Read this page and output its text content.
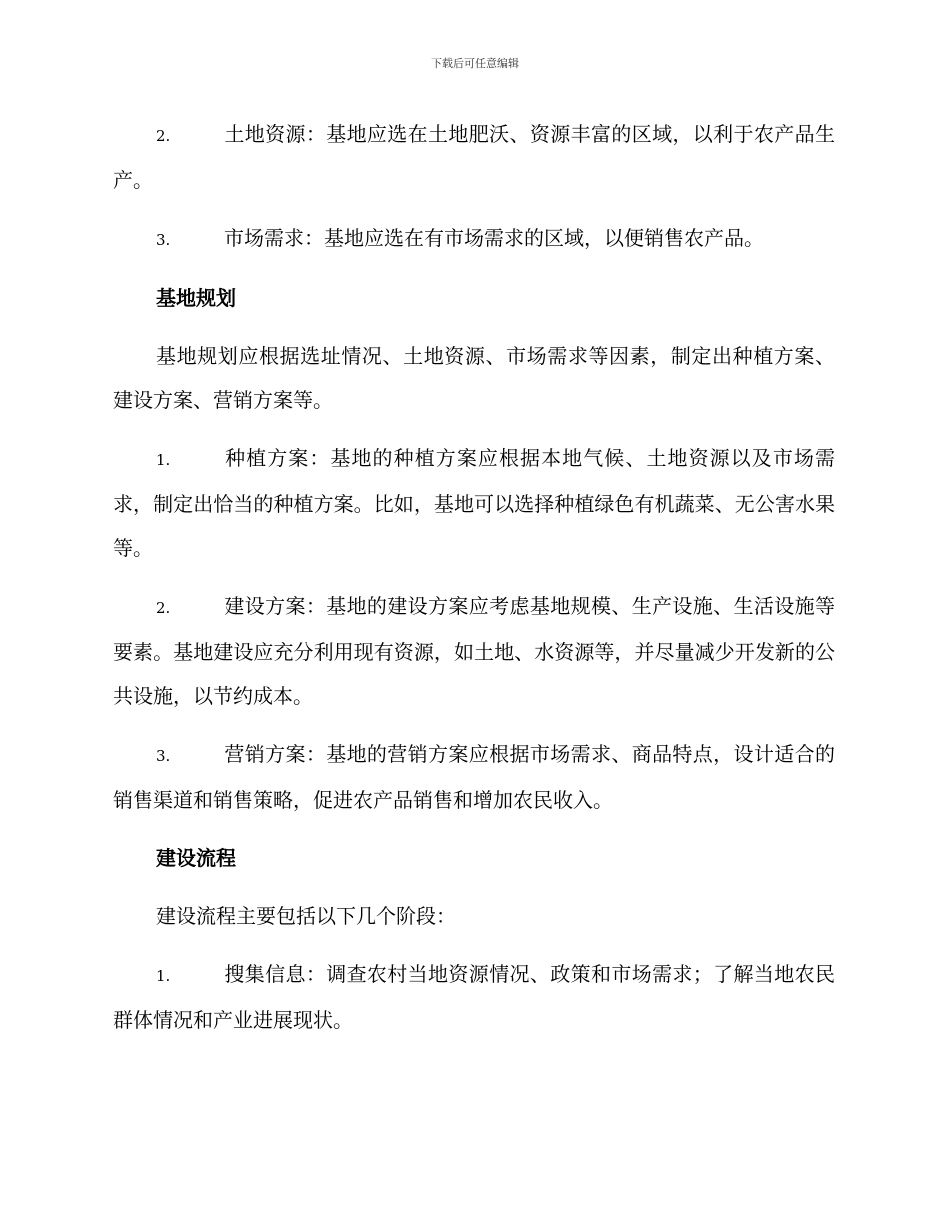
下载后可任意编辑
2.	土地资源：基地应选在土地肥沃、资源丰富的区域，以利于农产品生产。
3.	市场需求：基地应选在有市场需求的区域，以便销售农产品。
基地规划
基地规划应根据选址情况、土地资源、市场需求等因素，制定出种植方案、建设方案、营销方案等。
1.	种植方案：基地的种植方案应根据本地气候、土地资源以及市场需求，制定出恰当的种植方案。比如，基地可以选择种植绿色有机蔬菜、无公害水果等。
2.	建设方案：基地的建设方案应考虑基地规模、生产设施、生活设施等要素。基地建设应充分利用现有资源，如土地、水资源等，并尽量减少开发新的公共设施，以节约成本。
3.	营销方案：基地的营销方案应根据市场需求、商品特点，设计适合的销售渠道和销售策略，促进农产品销售和增加农民收入。
建设流程
建设流程主要包括以下几个阶段：
1.	搜集信息：调查农村当地资源情况、政策和市场需求；了解当地农民群体情况和产业进展现状。
